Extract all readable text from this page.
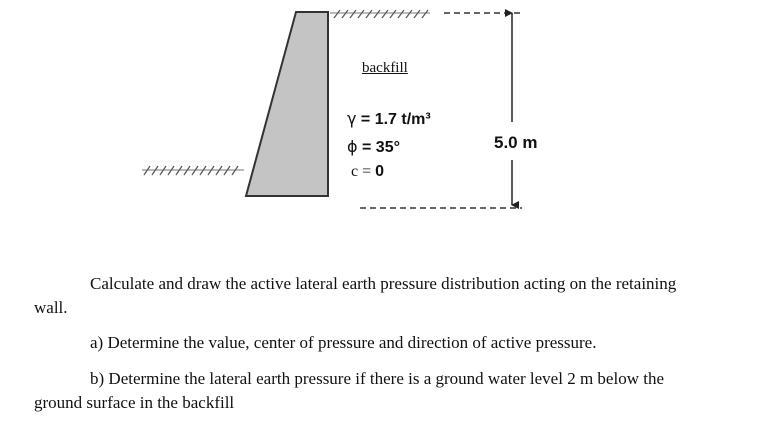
backfill
γ = 1.7 t/m³
ϕ = 35°
c = 0
5.0 m
Calculate and draw the active lateral earth pressure distribution acting on the retaining
wall.
a) Determine the value, center of pressure and direction of active pressure.
b) Determine the lateral earth pressure if there is a ground water level 2 m below the
ground surface in the backfill
